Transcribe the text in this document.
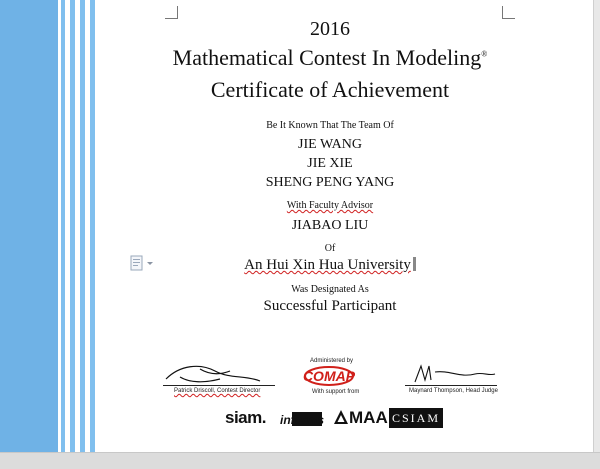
2016
Mathematical Contest In Modeling®
Certificate of Achievement
Be It Known That The Team Of
JIE WANG
JIE XIE
SHENG PENG YANG
With Faculty Advisor
JIABAO LIU
Of
An Hui Xin Hua University
Was Designated As
Successful Participant
Patrick Driscoll, Contest Director
Administered by
COMAP
With support from	Maynard Thompson, Head Judge
siam. informs	MAA CSIAM
